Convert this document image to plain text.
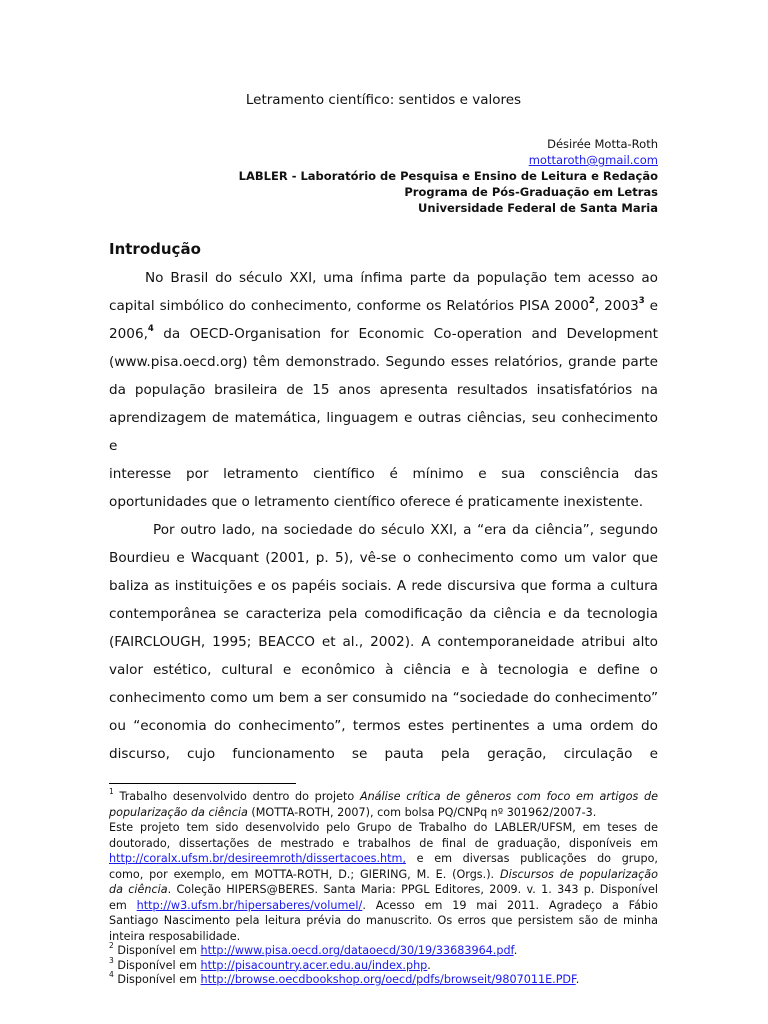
Letramento científico: sentidos e valores
Désirée Motta-Roth
mottaroth@gmail.com
LABLER - Laboratório de Pesquisa e Ensino de Leitura e Redação
Programa de Pós-Graduação em Letras
Universidade Federal de Santa Maria
Introdução
No Brasil do século XXI, uma ínfima parte da população tem acesso ao
capital simbólico do conhecimento, conforme os Relatórios PISA 2000$^2$, 2003$^3$ e
2006,$^4$ da OECD-Organisation for Economic Co-operation and Development
(www.pisa.oecd.org) têm demonstrado. Segundo esses relatórios, grande parte
da população brasileira de 15 anos apresenta resultados insatisfatórios na
aprendizagem de matemática, linguagem e outras ciências, seu conhecimento e
interesse por letramento científico é mínimo e sua consciência das
oportunidades que o letramento científico oferece é praticamente inexistente.
Por outro lado, na sociedade do século XXI, a “era da ciência”, segundo
Bourdieu e Wacquant (2001, p. 5), vê-se o conhecimento como um valor que
baliza as instituições e os papéis sociais. A rede discursiva que forma a cultura
contemporânea se caracteriza pela comodificação da ciência e da tecnologia
(FAIRCLOUGH, 1995; BEACCO et al., 2002). A contemporaneidade atribui alto
valor estético, cultural e econômico à ciência e à tecnologia e define o
conhecimento como um bem a ser consumido na “sociedade do conhecimento”
ou “economia do conhecimento”, termos estes pertinentes a uma ordem do
discurso, cujo funcionamento se pauta pela geração, circulação e
$^1$ Trabalho desenvolvido dentro do projeto Análise crítica de gêneros com foco em artigos de
popularização da ciência (MOTTA-ROTH, 2007), com bolsa PQ/CNPq nº 301962/2007-3.
Este projeto tem sido desenvolvido pelo Grupo de Trabalho do LABLER/UFSM, em teses de
doutorado, dissertações de mestrado e trabalhos de final de graduação, disponíveis em
http://coralx.ufsm.br/desireemroth/dissertacoes.htm, e em diversas publicações do grupo,
como, por exemplo, em MOTTA-ROTH, D.; GIERING, M. E. (Orgs.). Discursos de popularização
da ciência. Coleção HIPERS@BERES. Santa Maria: PPGL Editores, 2009. v. 1. 343 p. Disponível
em http://w3.ufsm.br/hipersaberes/volumeI/. Acesso em 19 mai 2011. Agradeço a Fábio
Santiago Nascimento pela leitura prévia do manuscrito. Os erros que persistem são de minha
inteira resposabilidade.
$^2$ Disponível em http://www.pisa.oecd.org/dataoecd/30/19/33683964.pdf.
$^3$ Disponível em http://pisacountry.acer.edu.au/index.php.
$^4$ Disponível em http://browse.oecdbookshop.org/oecd/pdfs/browseit/9807011E.PDF.
